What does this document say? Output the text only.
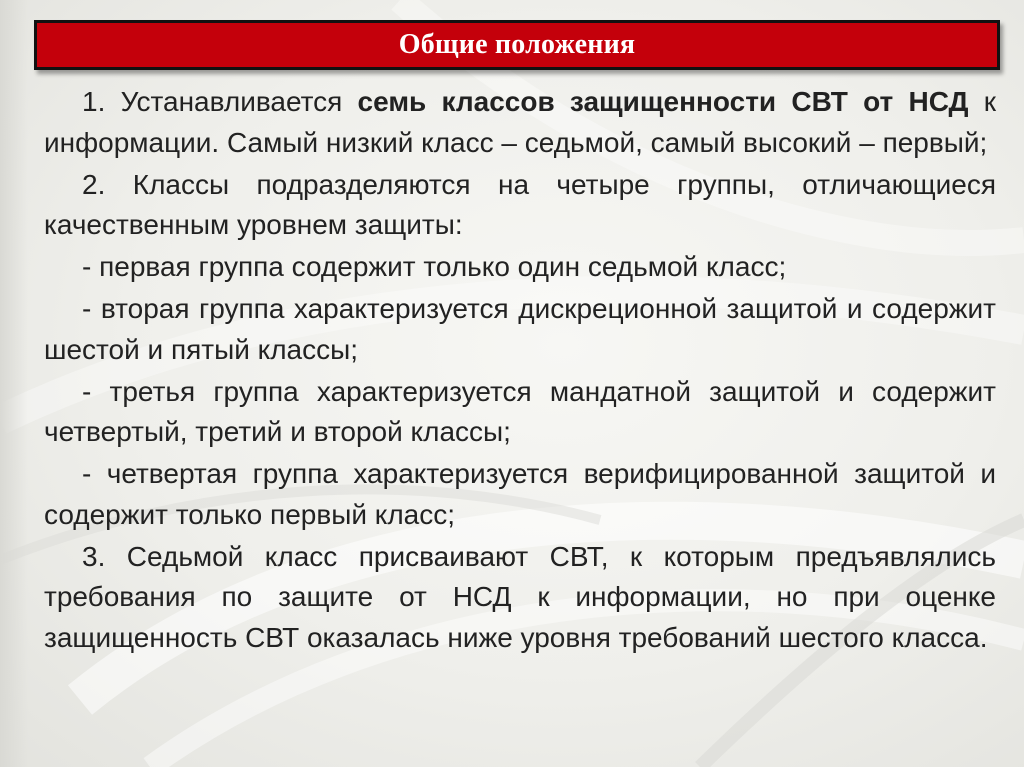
Общие положения

1. Устанавливается семь классов защищенности СВТ от НСД к информации. Самый низкий класс – седьмой, самый высокий – первый;

2. Классы подразделяются на четыре группы, отличающиеся качественным уровнем защиты:

- первая группа содержит только один седьмой класс;

- вторая группа характеризуется дискреционной защитой и содержит шестой и пятый классы;

- третья группа характеризуется мандатной защитой и содержит четвертый, третий и второй классы;

- четвертая группа характеризуется верифицированной защитой и содержит только первый класс;

3. Седьмой класс присваивают СВТ, к которым предъявлялись требования по защите от НСД к информации, но при оценке защищенность СВТ оказалась ниже уровня требований шестого класса.
